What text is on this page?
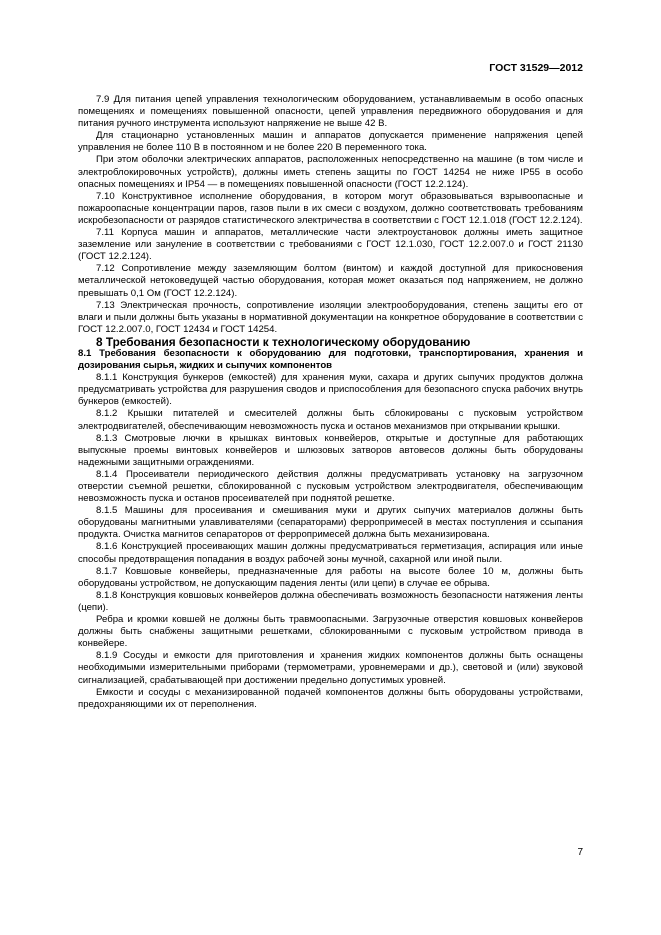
ГОСТ 31529—2012

7.9 Для питания цепей управления технологическим оборудованием, устанавливаемым в особо опасных помещениях и помещениях повышенной опасности, цепей управления передвижного оборудования и для питания ручного инструмента используют напряжение не выше 42 В.

Для стационарно установленных машин и аппаратов допускается применение напряжения цепей управления не более 110 В в постоянном и не более 220 В переменного тока.

При этом оболочки электрических аппаратов, расположенных непосредственно на машине (в том числе и электроблокировочных устройств), должны иметь степень защиты по ГОСТ 14254 не ниже IP55 в особо опасных помещениях и IP54 — в помещениях повышенной опасности (ГОСТ 12.2.124).

7.10 Конструктивное исполнение оборудования, в котором могут образовываться взрывоопасные и пожароопасные концентрации паров, газов пыли в их смеси с воздухом, должно соответствовать требованиям искробезопасности от разрядов статистического электричества в соответствии с ГОСТ 12.1.018 (ГОСТ 12.2.124).

7.11 Корпуса машин и аппаратов, металлические части электроустановок должны иметь защитное заземление или зануление в соответствии с требованиями с ГОСТ 12.1.030, ГОСТ 12.2.007.0 и ГОСТ 21130 (ГОСТ 12.2.124).

7.12 Сопротивление между заземляющим болтом (винтом) и каждой доступной для прикосновения металлической нетоковедущей частью оборудования, которая может оказаться под напряжением, не должно превышать 0,1 Ом (ГОСТ 12.2.124).

7.13 Электрическая прочность, сопротивление изоляции электрооборудования, степень защиты его от влаги и пыли должны быть указаны в нормативной документации на конкретное оборудование в соответствии с ГОСТ 12.2.007.0, ГОСТ 12434 и ГОСТ 14254.

8 Требования безопасности к технологическому оборудованию

8.1 Требования безопасности к оборудованию для подготовки, транспортирования, хранения и дозирования сырья, жидких и сыпучих компонентов

8.1.1 Конструкция бункеров (емкостей) для хранения муки, сахара и других сыпучих продуктов должна предусматривать устройства для разрушения сводов и приспособления для безопасного спуска рабочих внутрь бункеров (емкостей).

8.1.2 Крышки питателей и смесителей должны быть сблокированы с пусковым устройством электродвигателей, обеспечивающим невозможность пуска и останов механизмов при открывании крышки.

8.1.3 Смотровые лючки в крышках винтовых конвейеров, открытые и доступные для работающих выпускные проемы винтовых конвейеров и шлюзовых затворов автовесов должны быть оборудованы надежными защитными ограждениями.

8.1.4 Просеиватели периодического действия должны предусматривать установку на загрузочном отверстии съемной решетки, сблокированной с пусковым устройством электродвигателя, обеспечивающим невозможность пуска и останов просеивателей при поднятой решетке.

8.1.5 Машины для просеивания и смешивания муки и других сыпучих материалов должны быть оборудованы магнитными улавливателями (сепараторами) ферропримесей в местах поступления и ссыпания продукта. Очистка магнитов сепараторов от ферропримесей должна быть механизирована.

8.1.6 Конструкцией просеивающих машин должны предусматриваться герметизация, аспирация или иные способы предотвращения попадания в воздух рабочей зоны мучной, сахарной или иной пыли.

8.1.7 Ковшовые конвейеры, предназначенные для работы на высоте более 10 м, должны быть оборудованы устройством, не допускающим падения ленты (или цепи) в случае ее обрыва.

8.1.8 Конструкция ковшовых конвейеров должна обеспечивать возможность безопасности натяжения ленты (цепи).

Ребра и кромки ковшей не должны быть травмоопасными. Загрузочные отверстия ковшовых конвейеров должны быть снабжены защитными решетками, сблокированными с пусковым устройством привода в конвейере.

8.1.9 Сосуды и емкости для приготовления и хранения жидких компонентов должны быть оснащены необходимыми измерительными приборами (термометрами, уровнемерами и др.), световой и (или) звуковой сигнализацией, срабатывающей при достижении предельно допустимых уровней.

Емкости и сосуды с механизированной подачей компонентов должны быть оборудованы устройствами, предохраняющими их от переполнения.

7
